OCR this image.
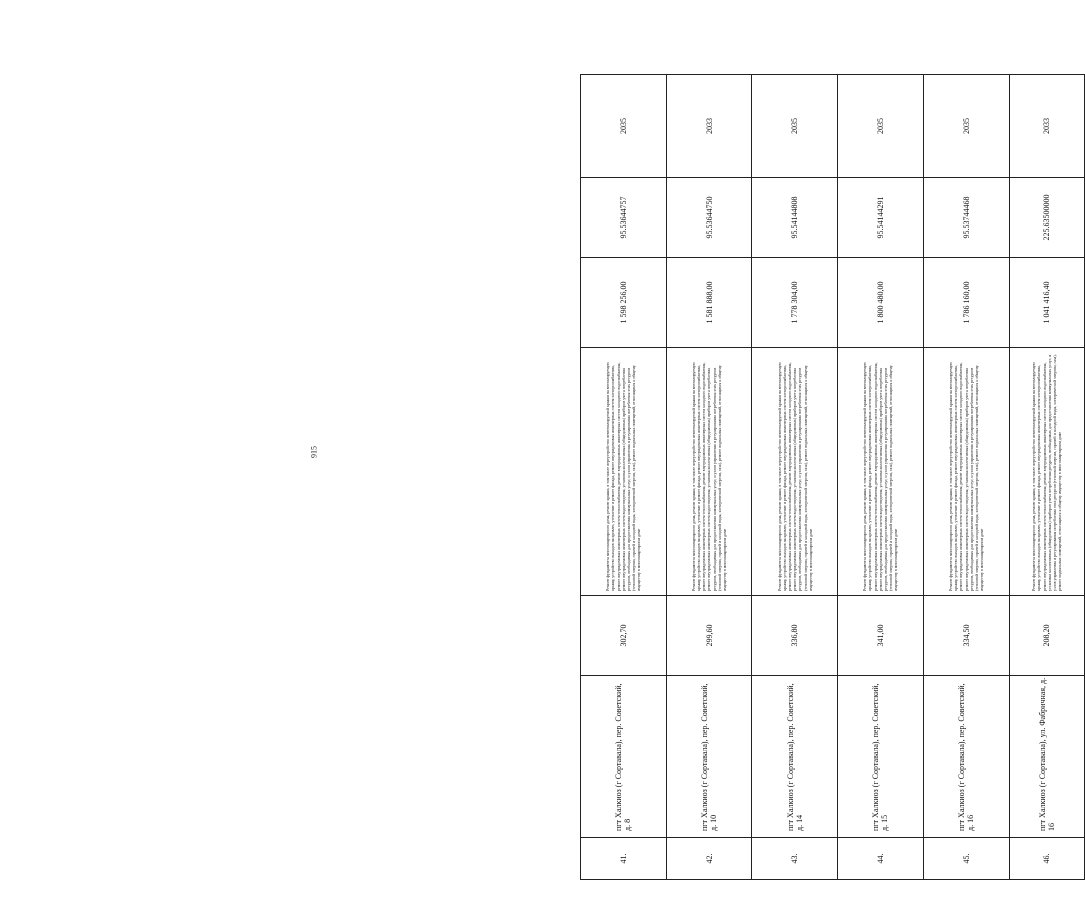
915
41.	пгт Халкиоз (г Сортавала), пер. Советский, д. 8	302,70	Ремонт фундамента многоквартирного дома, ремонт крыши, в том числе переустройство невентилируемой крыши на вентилируемую крышу, устройство выходов на кровлю, утепление и ремонт фасада, ремонт внутридомовых инженерных систем электроснабжения, ремонт внутридомовых инженерных систем теплоснабжения, ремонт внутридомовых инженерных систем холодного водоснабжения, ремонт внутридомовых инженерных систем водоотведения, установка коллективных (общедомовых) приборов учета потребления ресурсов, необходимых для предоставления коммунальных услуг, и узлов управления и регулирования потребления этих ресурсов (тепловой энергии, горячей и холодной воды, электрической энергии, газа), ремонт подвальных помещений, относящихся к общему имуществу в многоквартирном доме	1 598 256,00	95.53644757	2035
42.	пгт Халкиоз (г Сортавала), пер. Советский, д. 10	299,60	Ремонт фундамента многоквартирного дома, ремонт крыши, в том числе переустройство невентилируемой крыши на вентилируемую крышу, устройство выходов на кровлю, утепление и ремонт фасада, ремонт внутридомовых инженерных систем электроснабжения, ремонт внутридомовых инженерных систем теплоснабжения, ремонт внутридомовых инженерных систем холодного водоснабжения, ремонт внутридомовых инженерных систем водоотведения, установка коллективных (общедомовых) приборов учета потребления ресурсов, необходимых для предоставления коммунальных услуг, и узлов управления и регулирования потребления этих ресурсов (тепловой энергии, горячей и холодной воды, электрической энергии, газа), ремонт подвальных помещений, относящихся к общему имуществу в многоквартирном доме	1 581 888,00	95.53644750	2033
43.	пгт Халкиоз (г Сортавала), пер. Советский, д. 14	336,80	Ремонт фундамента многоквартирного дома, ремонт крыши, в том числе переустройство невентилируемой крыши на вентилируемую крышу, устройство выходов на кровлю, утепление и ремонт фасада, ремонт внутридомовых инженерных систем электроснабжения, ремонт внутридомовых инженерных систем теплоснабжения, ремонт внутридомовых инженерных систем холодного водоснабжения, ремонт внутридомовых инженерных систем водоотведения, установка коллективных (общедомовых) приборов учета потребления ресурсов, необходимых для предоставления коммунальных услуг, и узлов управления и регулирования потребления этих ресурсов (тепловой энергии, горячей и холодной воды, электрической энергии, газа), ремонт подвальных помещений, относящихся к общему имуществу в многоквартирном доме	1 778 304,00	95.54144808	2035
44.	пгт Халкиоз (г Сортавала), пер. Советский, д. 15	341,00	Ремонт фундамента многоквартирного дома, ремонт крыши, в том числе переустройство невентилируемой крыши на вентилируемую крышу, устройство выходов на кровлю, утепление и ремонт фасада, ремонт внутридомовых инженерных систем электроснабжения, ремонт внутридомовых инженерных систем теплоснабжения, ремонт внутридомовых инженерных систем холодного водоснабжения, ремонт внутридомовых инженерных систем водоотведения, установка коллективных (общедомовых) приборов учета потребления ресурсов, необходимых для предоставления коммунальных услуг, и узлов управления и регулирования потребления этих ресурсов (тепловой энергии, горячей и холодной воды, электрической энергии, газа), ремонт подвальных помещений, относящихся к общему имуществу в многоквартирном доме	1 800 480,00	95.54144291	2035
45.	пгт Халкиоз (г Сортавала), пер. Советский, д. 16	334,50	Ремонт фундамента многоквартирного дома, ремонт крыши, в том числе переустройство невентилируемой крыши на вентилируемую крышу, устройство выходов на кровлю, утепление и ремонт фасада, ремонт внутридомовых инженерных систем электроснабжения, ремонт внутридомовых инженерных систем теплоснабжения, ремонт внутридомовых инженерных систем холодного водоснабжения, ремонт внутридомовых инженерных систем водоотведения, установка коллективных (общедомовых) приборов учета потребления ресурсов, необходимых для предоставления коммунальных услуг, и узлов управления и регулирования потребления этих ресурсов (тепловой энергии, горячей и холодной воды, электрической энергии, газа), ремонт подвальных помещений, относящихся к общему имуществу в многоквартирном доме	1 786 160,00	95.53744468	2035
46.	пгт Халкиоз (г Сортавала), ул. Фабричная, д. 16	208,20	Ремонт фундамента многоквартирного дома, ремонт крыши, в том числе переустройство невентилируемой крыши на вентилируемую крышу, устройство выходов на кровлю, утепление и ремонт фасада, ремонт внутридомовых инженерных систем электроснабжения, ремонт внутридомовых инженерных систем теплоснабжения, ремонт внутридомовых инженерных систем холодного водоснабжения, установка коллективных (общедомовых) приборов учета потребления ресурсов, необходимых для предоставления коммунальных услуг, и узлов управления и регулирования потребления этих ресурсов (тепловой энергии, горячей и холодной воды, электрической энергии, газа), ремонт подвальных помещений, относящихся к общему имуществу в многоквартирном доме	1 041 416,40	225.63500000	2033
